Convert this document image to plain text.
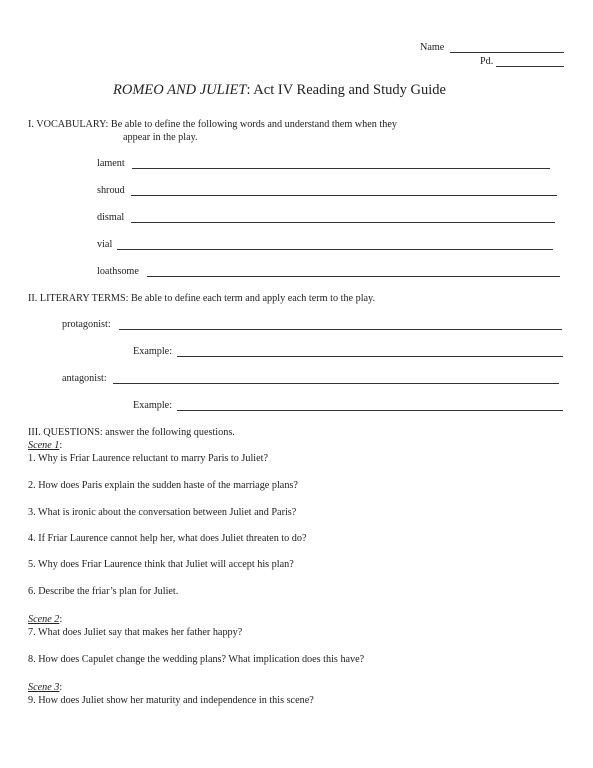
Name
Pd.
ROMEO AND JULIET: Act IV Reading and Study Guide
I. VOCABULARY: Be able to define the following words and understand them when they
appear in the play.
lament
shroud
dismal
vial
loathsome
II. LITERARY TERMS: Be able to define each term and apply each term to the play.
protagonist:
Example:
antagonist:
Example:
III. QUESTIONS: answer the following questions.
Scene 1:
1. Why is Friar Laurence reluctant to marry Paris to Juliet?
2. How does Paris explain the sudden haste of the marriage plans?
3. What is ironic about the conversation between Juliet and Paris?
4. If Friar Laurence cannot help her, what does Juliet threaten to do?
5. Why does Friar Laurence think that Juliet will accept his plan?
6. Describe the friar’s plan for Juliet.
Scene 2:
7. What does Juliet say that makes her father happy?
8. How does Capulet change the wedding plans? What implication does this have?
Scene 3:
9. How does Juliet show her maturity and independence in this scene?
